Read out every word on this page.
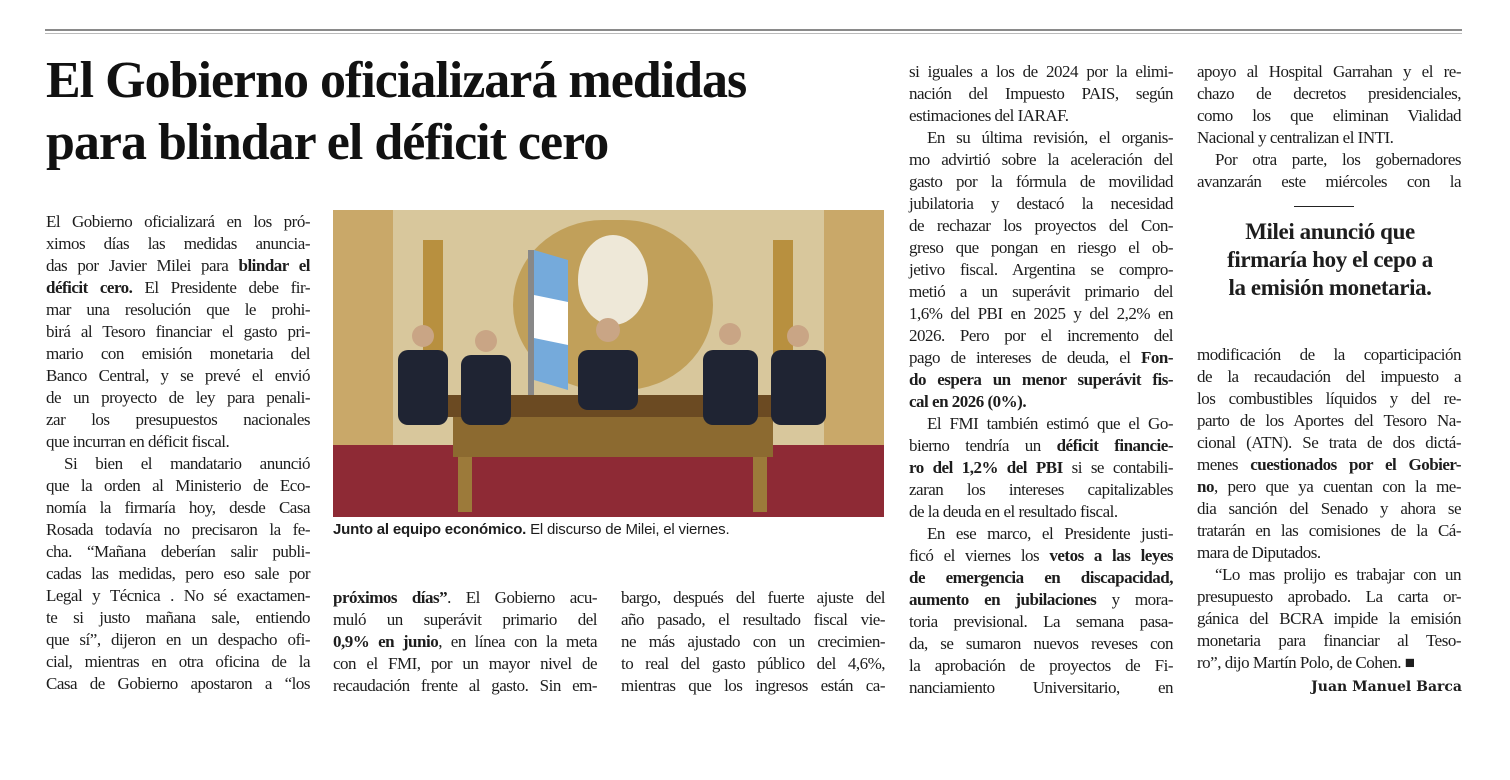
El Gobierno oficializará medidas
para blindar el déficit cero
El Gobierno oficializará en los pró-
ximos días las medidas anuncia-
das por Javier Milei para blindar el
déficit cero. El Presidente debe fir-
mar una resolución que le prohi-
birá al Tesoro financiar el gasto pri-
mario con emisión monetaria del
Banco Central, y se prevé el envió
de un proyecto de ley para penali-
zar los presupuestos nacionales
que incurran en déficit fiscal.
Si bien el mandatario anunció
que la orden al Ministerio de Eco-
nomía la firmaría hoy, desde Casa
Rosada todavía no precisaron la fe-
cha. “Mañana deberían salir publi-
cadas las medidas, pero eso sale por
Legal y Técnica . No sé exactamen-
te si justo mañana sale, entiendo
que sí”, dijeron en un despacho ofi-
cial, mientras en otra oficina de la
Casa de Gobierno apostaron a “los
Junto al equipo económico. El discurso de Milei, el viernes.
próximos días”. El Gobierno acu-
muló un superávit primario del
0,9% en junio, en línea con la meta
con el FMI, por un mayor nivel de
recaudación frente al gasto. Sin em-
bargo, después del fuerte ajuste del
año pasado, el resultado fiscal vie-
ne más ajustado con un crecimien-
to real del gasto público del 4,6%,
mientras que los ingresos están ca-
si iguales a los de 2024 por la elimi-
nación del Impuesto PAIS, según
estimaciones del IARAF.
En su última revisión, el organis-
mo advirtió sobre la aceleración del
gasto por la fórmula de movilidad
jubilatoria y destacó la necesidad
de rechazar los proyectos del Con-
greso que pongan en riesgo el ob-
jetivo fiscal. Argentina se compro-
metió a un superávit primario del
1,6% del PBI en 2025 y del 2,2% en
2026. Pero por el incremento del
pago de intereses de deuda, el Fon-
do espera un menor superávit fis-
cal en 2026 (0%).
El FMI también estimó que el Go-
bierno tendría un déficit financie-
ro del 1,2% del PBI si se contabili-
zaran los intereses capitalizables
de la deuda en el resultado fiscal.
En ese marco, el Presidente justi-
ficó el viernes los vetos a las leyes
de emergencia en discapacidad,
aumento en jubilaciones y mora-
toria previsional. La semana pasa-
da, se sumaron nuevos reveses con
la aprobación de proyectos de Fi-
nanciamiento Universitario, en
apoyo al Hospital Garrahan y el re-
chazo de decretos presidenciales,
como los que eliminan Vialidad
Nacional y centralizan el INTI.
Por otra parte, los gobernadores
avanzarán este miércoles con la
Milei anunció que
firmaría hoy el cepo a
la emisión monetaria.
modificación de la coparticipación
de la recaudación del impuesto a
los combustibles líquidos y del re-
parto de los Aportes del Tesoro Na-
cional (ATN). Se trata de dos dictá-
menes cuestionados por el Gobier-
no, pero que ya cuentan con la me-
dia sanción del Senado y ahora se
tratarán en las comisiones de la Cá-
mara de Diputados.
“Lo mas prolijo es trabajar con un
presupuesto aprobado. La carta or-
gánica del BCRA impide la emisión
monetaria para financiar al Teso-
ro”, dijo Martín Polo, de Cohen. ■
Juan Manuel Barca
